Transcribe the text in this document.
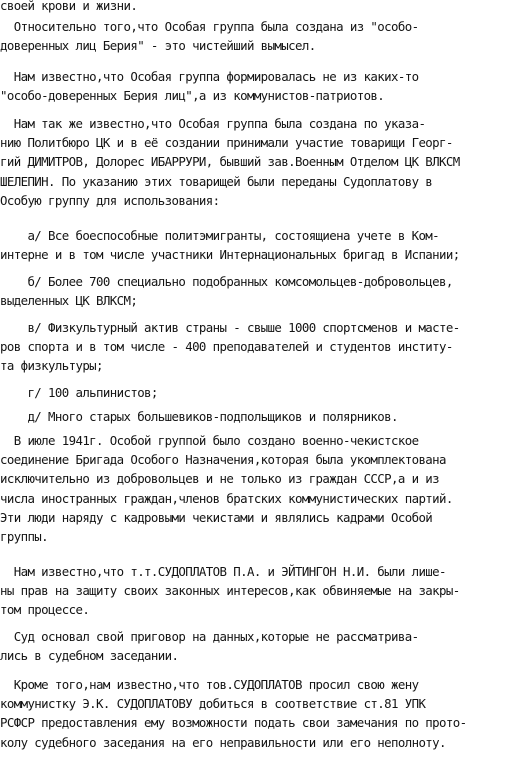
своей крови и жизни.
Относительно того,что Особая группа была создана из "особо-
доверенных лиц Берия" - это чистейший вымысел.
Нам известно,что Особая группа формировалась не из каких-то
"особо-доверенных Берия лиц",а из коммунистов-патриотов.
Нам так же известно,что Особая группа была создана по указа-
нию Политбюро ЦК и в её создании принимали участие товарищи Георг-
гий ДИМИТРОВ, Долорес ИБАРРУРИ, бывший зав.Военным Отделом ЦК ВЛКСМ
ШЕЛЕПИН. По указанию этих товарищей были переданы Судоплатову в
Особую группу для использования:
а/ Все боеспособные политэмигранты, состоящиена учете в Ком-
интерне и в том числе участники Интернациональных бригад в Испании;
б/ Более 700 специально подобранных комсомольцев-добровольцев,
выделенных ЦК ВЛКСМ;
в/ Физкультурный актив страны - свыше 1000 спортсменов и масте-
ров спорта и в том числе - 400 преподавателей и студентов институ-
та физкультуры;
г/ 100 альпинистов;
д/ Много старых большевиков-подпольщиков и полярников.
В июле 1941г. Особой группой было создано военно-чекистское
соединение Бригада Особого Назначения,которая была укомплектована
исключительно из добровольцев и не только из граждан СССР,а и из
числа иностранных граждан,членов братских коммунистических партий.
Эти люди наряду с кадровыми чекистами и являлись кадрами Особой
группы.
Нам известно,что т.т.СУДОПЛАТОВ П.А. и ЭЙТИНГОН Н.И. были лише-
ны прав на защиту своих законных интересов,как обвиняемые на закры-
том процессе.
Суд основал свой приговор на данных,которые не рассматрива-
лись в судебном заседании.
Кроме того,нам известно,что тов.СУДОПЛАТОВ просил свою жену
коммунистку Э.К. СУДОПЛАТОВУ добиться в соответствие ст.81 УПК
РСФСР предоставления ему возможности подать свои замечания по прото-
колу судебного заседания на его неправильности или его неполноту.
